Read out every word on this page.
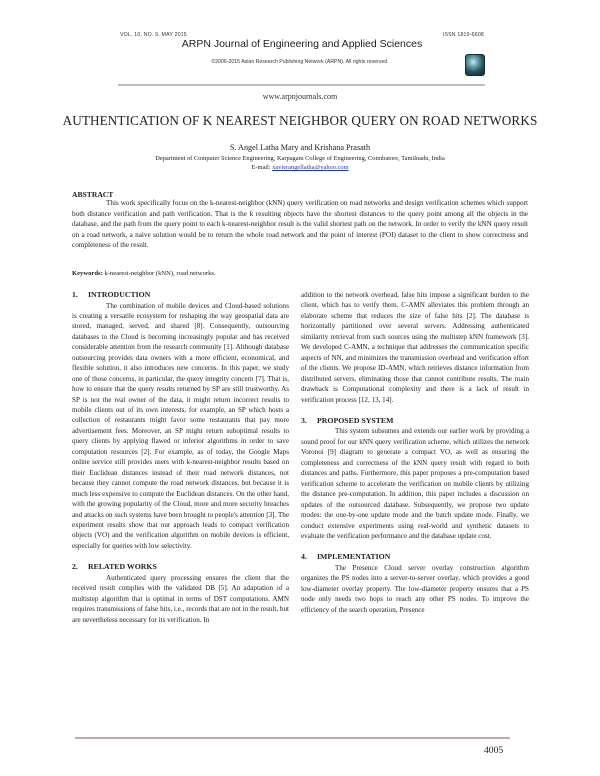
VOL. 10, NO. 9, MAY 2015	ISSN 1819-6608
ARPN Journal of Engineering and Applied Sciences
©2006-2015 Asian Research Publishing Network (ARPN). All rights reserved.
www.arpnjournals.com
AUTHENTICATION OF K NEAREST NEIGHBOR QUERY ON ROAD NETWORKS
S. Angel Latha Mary and Krishana Prasath
Department of Computer Science Engineering, Karpagam College of Engineering, Coimbatore, Tamilnadu, India
E-mail: xavierangellatha@yahoo.com
ABSTRACT

This work specifically focus on the k-nearest-neighbor (kNN) query verification on road networks and design verification schemes which support both distance verification and path verification. That is the k resulting objects have the shortest distances to the query point among all the objects in the database, and the path from the query point to each k-nearest-neighbor result is the valid shortest path on the network. In order to verify the kNN query result on a road network, a naive solution would be to return the whole road network and the point of interest (POI) dataset to the client to show correctness and completeness of the result.

Keywords: k-nearest-neighbor (kNN), road networks.
1. INTRODUCTION

The combination of mobile devices and Cloud-based solutions is creating a versatile ecosystem for reshaping the way geospatial data are stored, managed, served, and shared [8]. Consequently, outsourcing databases to the Cloud is becoming increasingly popular and has received considerable attention from the research community [1]. Although database outsourcing provides data owners with a more efficient, economical, and flexible solution, it also introduces new concerns. In this paper, we study one of those concerns, in particular, the query integrity concern [7]. That is, how to ensure that the query results returned by SP are still trustworthy. As SP is not the real owner of the data, it might return incorrect results to mobile clients out of its own interests, for example, an SP which hosts a collection of restaurants might favor some restaurants that pay more advertisement fees. Moreover, an SP might return suboptimal results to query clients by applying flawed or inferior algorithms in order to save computation resources [2]. For example, as of today, the Google Maps online service still provides users with k-nearest-neighbor results based on their Euclidean distances instead of their road network distances, not because they cannot compute the road network distances, but because it is much less expensive to compute the Euclidean distances. On the other hand, with the growing popularity of the Cloud, more and more security breaches and attacks on such systems have been brought to people's attention [3]. The experiment results show that our approach leads to compact verification objects (VO) and the verification algorithm on mobile devices is efficient, especially for queries with low selectivity.

2. RELATED WORKS

Authenticated query processing ensures the client that the received result complies with the validated DB [5]. An adaptation of a multistep algorithm that is optimal in terms of DST computations. AMN requires transmissions of false hits, i.e., records that are not in the result, but are nevertheless necessary for its verification. In

addition to the network overhead, false hits impose a significant burden to the client, which has to verify them. C-AMN alleviates this problem through an elaborate scheme that reduces the size of false hits [2]. The database is horizontally partitioned over several servers. Addressing authenticated similarity retrieval from such sources using the multistep kNN framework [3]. We developed C-AMN, a technique that addresses the communication specific aspects of NN, and minimizes the transmission overhead and verification effort of the clients. We propose ID-AMN, which retrieves distance information from distributed servers, eliminating those that cannot contribute results. The main drawback is Computational complexity and there is a lack of result in verification process [12, 13, 14].

3. PROPOSED SYSTEM

This system subsumes and extends our earlier work by providing a sound proof for our kNN query verification scheme, which utilizes the network Voronoi [9] diagram to generate a compact VO, as well as ensuring the completeness and correctness of the kNN query result with regard to both distances and paths. Furthermore, this paper proposes a pre-computation based verification scheme to accelerate the verification on mobile clients by utilizing the distance pre-computation. In addition, this paper includes a discussion on updates of the outsourced database. Subsequently, we propose two update modes: the one-by-one update mode and the batch update mode. Finally, we conduct extensive experiments using real-world and synthetic datasets to evaluate the verification performance and the database update cost.

4. IMPLEMENTATION

The Presence Cloud server overlay construction algorithm organizes the PS nodes into a server-to-server overlay, which provides a good low-diameter overlay property. The low-diameter property ensures that a PS node only needs two hops to reach any other PS nodes. To improve the efficiency of the search operation, Presence

4005
